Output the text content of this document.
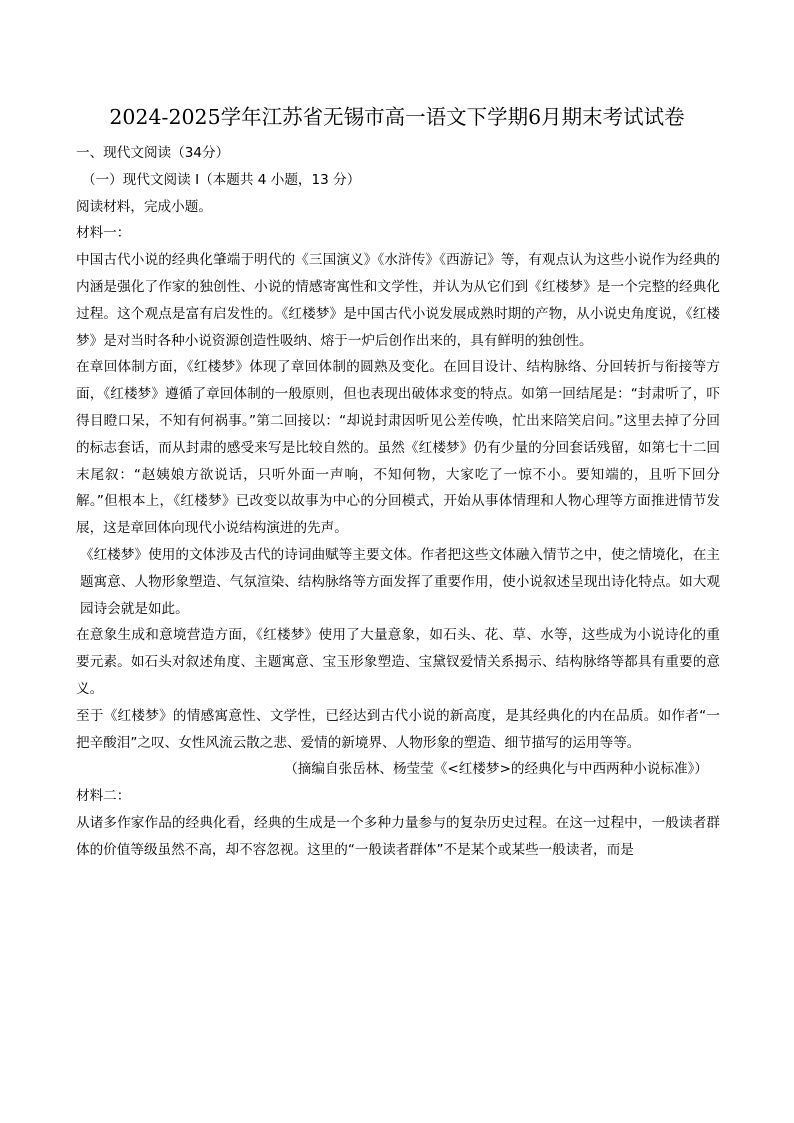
2024-2025学年江苏省无锡市高一语文下学期6月期末考试试卷

一、现代文阅读（34分）

（一）现代文阅读 I（本题共 4 小题，13 分）

阅读材料，完成小题。

材料一：

中国古代小说的经典化肇端于明代的《三国演义》《水浒传》《西游记》等，有观点认为这些小说作为经典的内涵是强化了作家的独创性、小说的情感寄寓性和文学性，并认为从它们到《红楼梦》是一个完整的经典化过程。这个观点是富有启发性的。《红楼梦》是中国古代小说发展成熟时期的产物，从小说史角度说，《红楼梦》是对当时各种小说资源创造性吸纳、熔于一炉后创作出来的，具有鲜明的独创性。

在章回体制方面，《红楼梦》体现了章回体制的圆熟及变化。在回目设计、结构脉络、分回转折与衔接等方面，《红楼梦》遵循了章回体制的一般原则，但也表现出破体求变的特点。如第一回结尾是：“封肃听了，吓得目瞪口呆，不知有何祸事。”第二回接以：“却说封肃因听见公差传唤，忙出来陪笑启问。”这里去掉了分回的标志套话，而从封肃的感受来写是比较自然的。虽然《红楼梦》仍有少量的分回套话残留，如第七十二回末尾叙：“赵姨娘方欲说话，只听外面一声响，不知何物，大家吃了一惊不小。要知端的，且听下回分解。”但根本上，《红楼梦》已改变以故事为中心的分回模式，开始从事体情理和人物心理等方面推进情节发展，这是章回体向现代小说结构演进的先声。

《红楼梦》使用的文体涉及古代的诗词曲赋等主要文体。作者把这些文体融入情节之中，使之情境化，在主题寓意、人物形象塑造、气氛渲染、结构脉络等方面发挥了重要作用，使小说叙述呈现出诗化特点。如大观园诗会就是如此。

在意象生成和意境营造方面，《红楼梦》使用了大量意象，如石头、花、草、水等，这些成为小说诗化的重要元素。如石头对叙述角度、主题寓意、宝玉形象塑造、宝黛钗爱情关系揭示、结构脉络等都具有重要的意义。

至于《红楼梦》的情感寓意性、文学性，已经达到古代小说的新高度，是其经典化的内在品质。如作者“一把辛酸泪”之叹、女性风流云散之悲、爱情的新境界、人物形象的塑造、细节描写的运用等等。

（摘编自张岳林、杨莹莹《<红楼梦>的经典化与中西两种小说标准》）

材料二：

从诸多作家作品的经典化看，经典的生成是一个多种力量参与的复杂历史过程。在这一过程中，一般读者群体的价值等级虽然不高，却不容忽视。这里的“一般读者群体”不是某个或某些一般读者，而是
